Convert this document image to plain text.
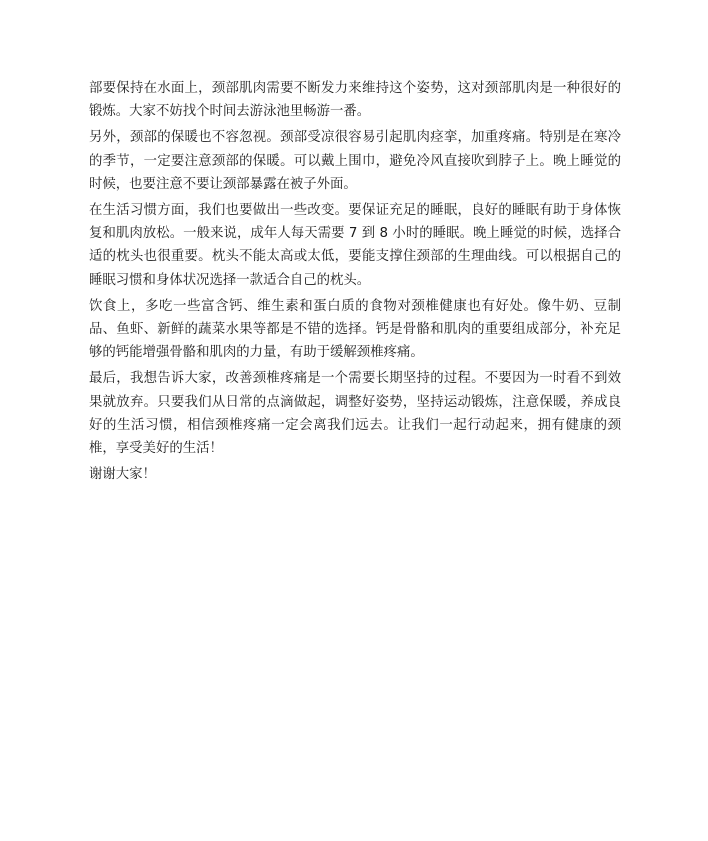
部要保持在水面上，颈部肌肉需要不断发力来维持这个姿势，这对颈部肌肉是一种很好的锻炼。大家不妨找个时间去游泳池里畅游一番。

另外，颈部的保暖也不容忽视。颈部受凉很容易引起肌肉痉挛，加重疼痛。特别是在寒冷的季节，一定要注意颈部的保暖。可以戴上围巾，避免冷风直接吹到脖子上。晚上睡觉的时候，也要注意不要让颈部暴露在被子外面。

在生活习惯方面，我们也要做出一些改变。要保证充足的睡眠，良好的睡眠有助于身体恢复和肌肉放松。一般来说，成年人每天需要 7 到 8 小时的睡眠。晚上睡觉的时候，选择合适的枕头也很重要。枕头不能太高或太低，要能支撑住颈部的生理曲线。可以根据自己的睡眠习惯和身体状况选择一款适合自己的枕头。

饮食上，多吃一些富含钙、维生素和蛋白质的食物对颈椎健康也有好处。像牛奶、豆制品、鱼虾、新鲜的蔬菜水果等都是不错的选择。钙是骨骼和肌肉的重要组成部分，补充足够的钙能增强骨骼和肌肉的力量，有助于缓解颈椎疼痛。

最后，我想告诉大家，改善颈椎疼痛是一个需要长期坚持的过程。不要因为一时看不到效果就放弃。只要我们从日常的点滴做起，调整好姿势，坚持运动锻炼，注意保暖，养成良好的生活习惯，相信颈椎疼痛一定会离我们远去。让我们一起行动起来，拥有健康的颈椎，享受美好的生活！

谢谢大家！
